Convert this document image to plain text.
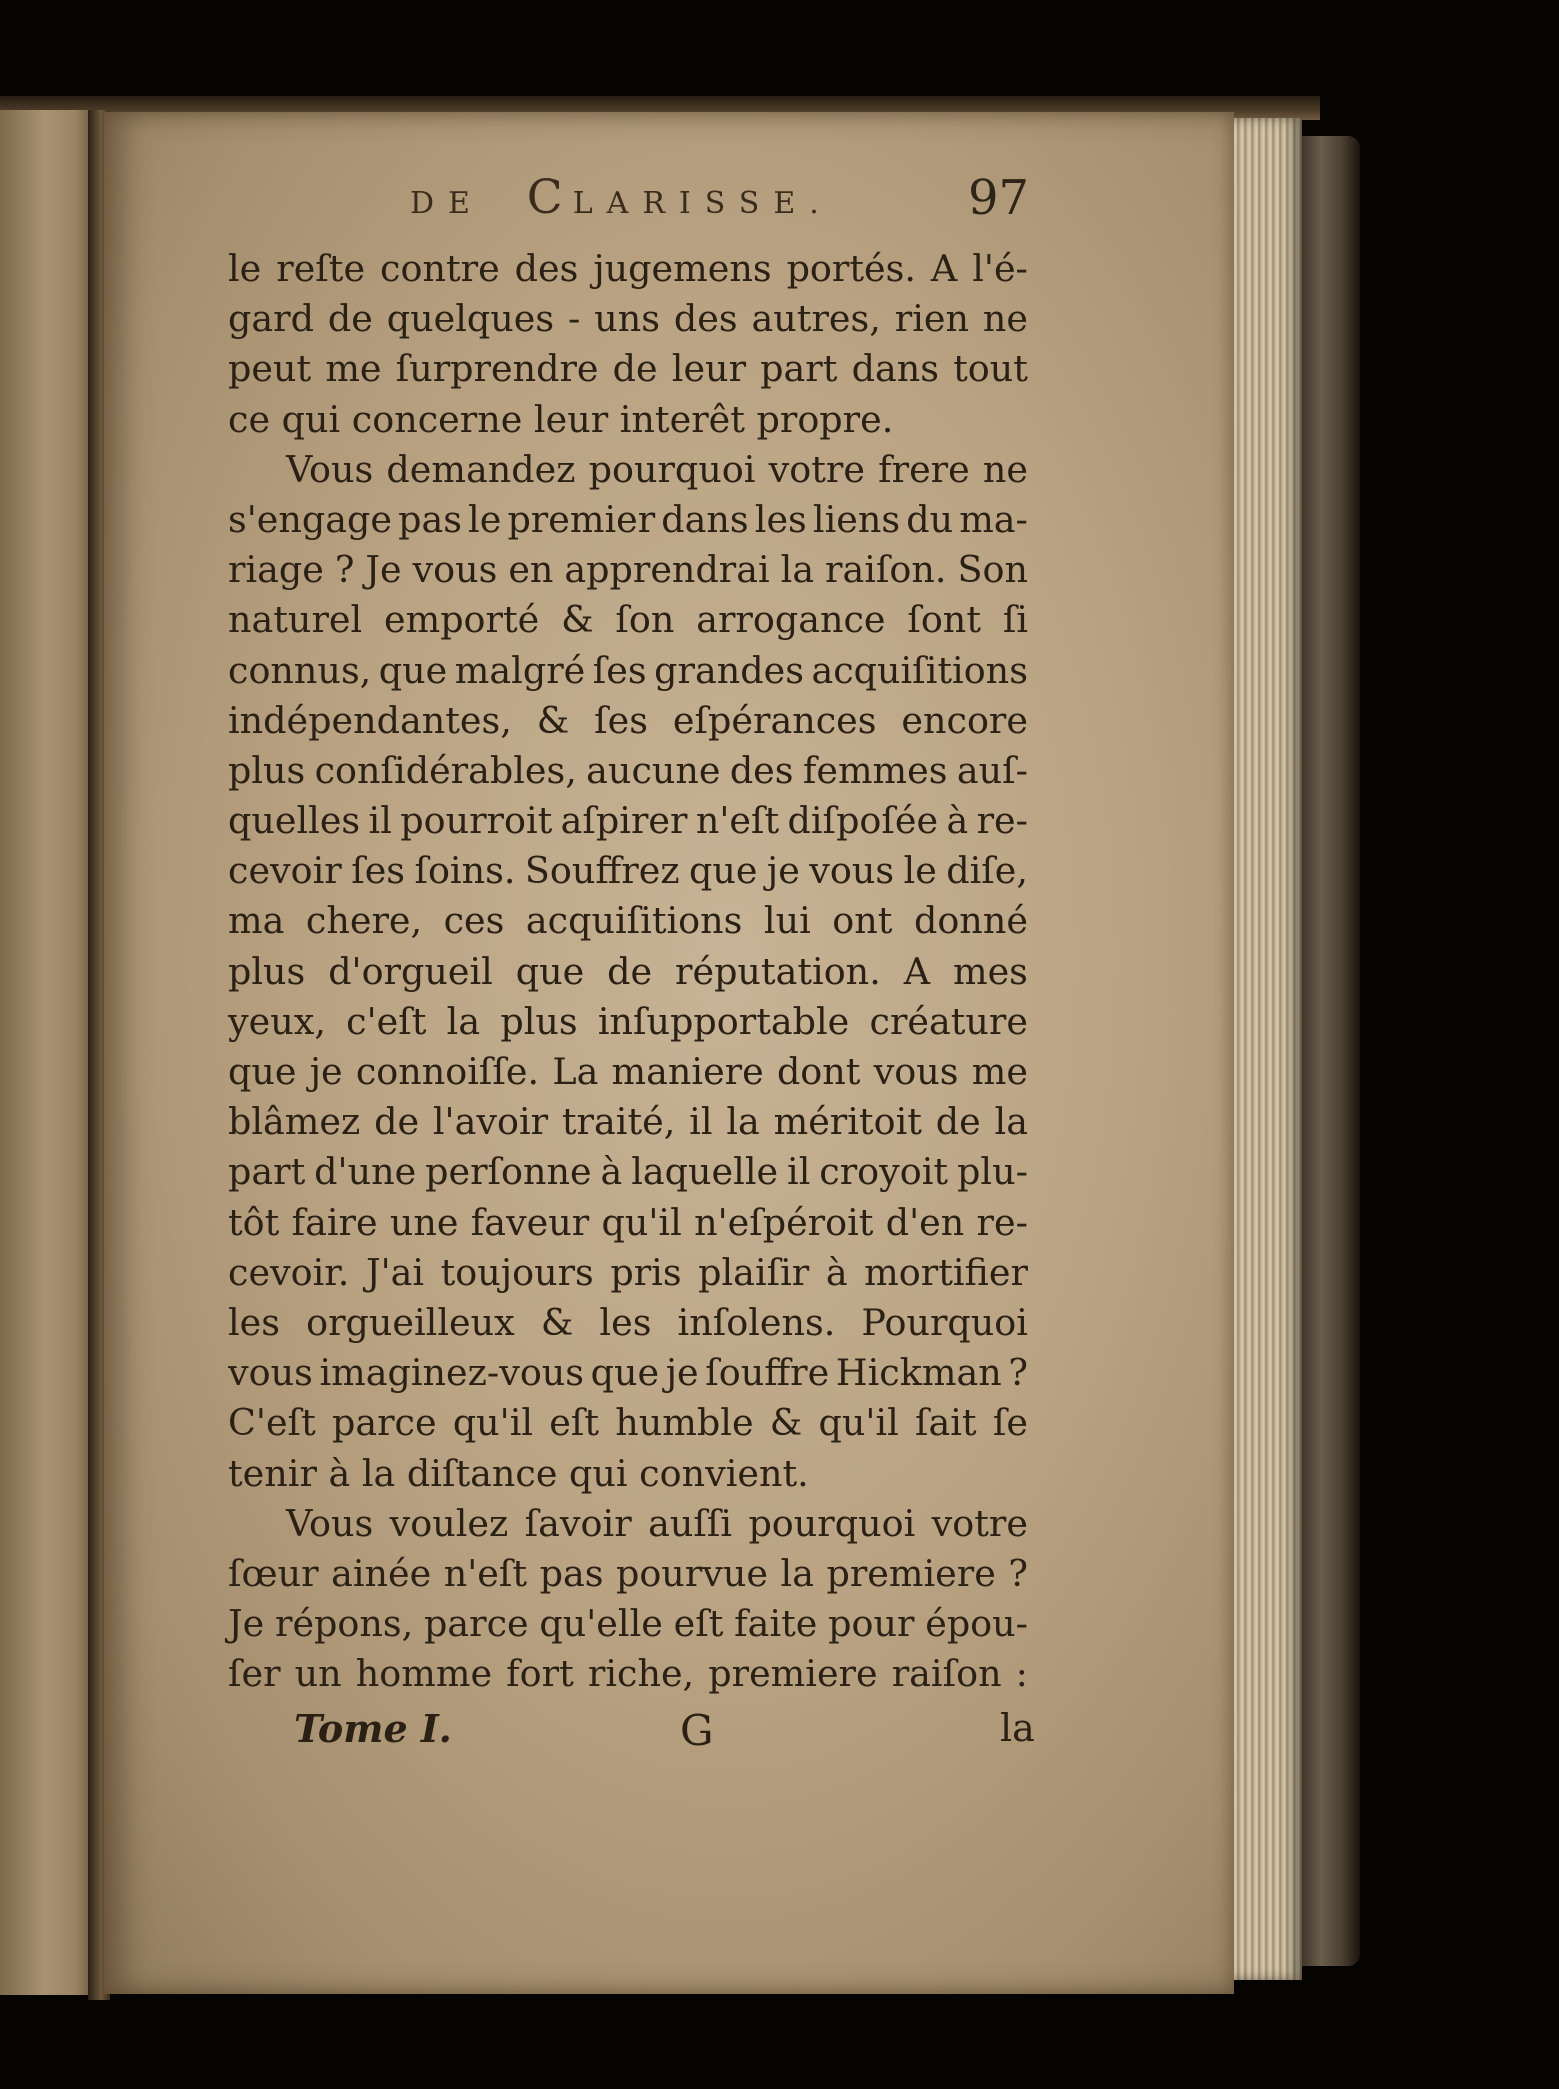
DE CLARISSE.	97
le reſte contre des jugemens portés. A l'é-
gard de quelques - uns des autres, rien ne
peut me ſurprendre de leur part dans tout
ce qui concerne leur interêt propre.
Vous demandez pourquoi votre frere ne
s'engage pas le premier dans les liens du ma-
riage ? Je vous en apprendrai la raiſon. Son
naturel emporté & ſon arrogance ſont ſi
connus, que malgré ſes grandes acquiſitions
indépendantes, & ſes eſpérances encore
plus conſidérables, aucune des femmes auſ-
quelles il pourroit aſpirer n'eſt diſpoſée à re-
cevoir ſes ſoins. Souffrez que je vous le diſe,
ma chere, ces acquiſitions lui ont donné
plus d'orgueil que de réputation. A mes
yeux, c'eſt la plus inſupportable créature
que je connoiſſe. La maniere dont vous me
blâmez de l'avoir traité, il la méritoit de la
part d'une perſonne à laquelle il croyoit plu-
tôt faire une faveur qu'il n'eſpéroit d'en re-
cevoir. J'ai toujours pris plaiſir à mortifier
les orgueilleux & les inſolens. Pourquoi
vous imaginez-vous que je ſouffre Hickman ?
C'eſt parce qu'il eſt humble & qu'il ſait ſe
tenir à la diſtance qui convient.
Vous voulez ſavoir auſſi pourquoi votre
ſœur ainée n'eſt pas pourvue la premiere ?
Je répons, parce qu'elle eſt faite pour épou-
ſer un homme fort riche, premiere raiſon :
Tome I.	G	la
